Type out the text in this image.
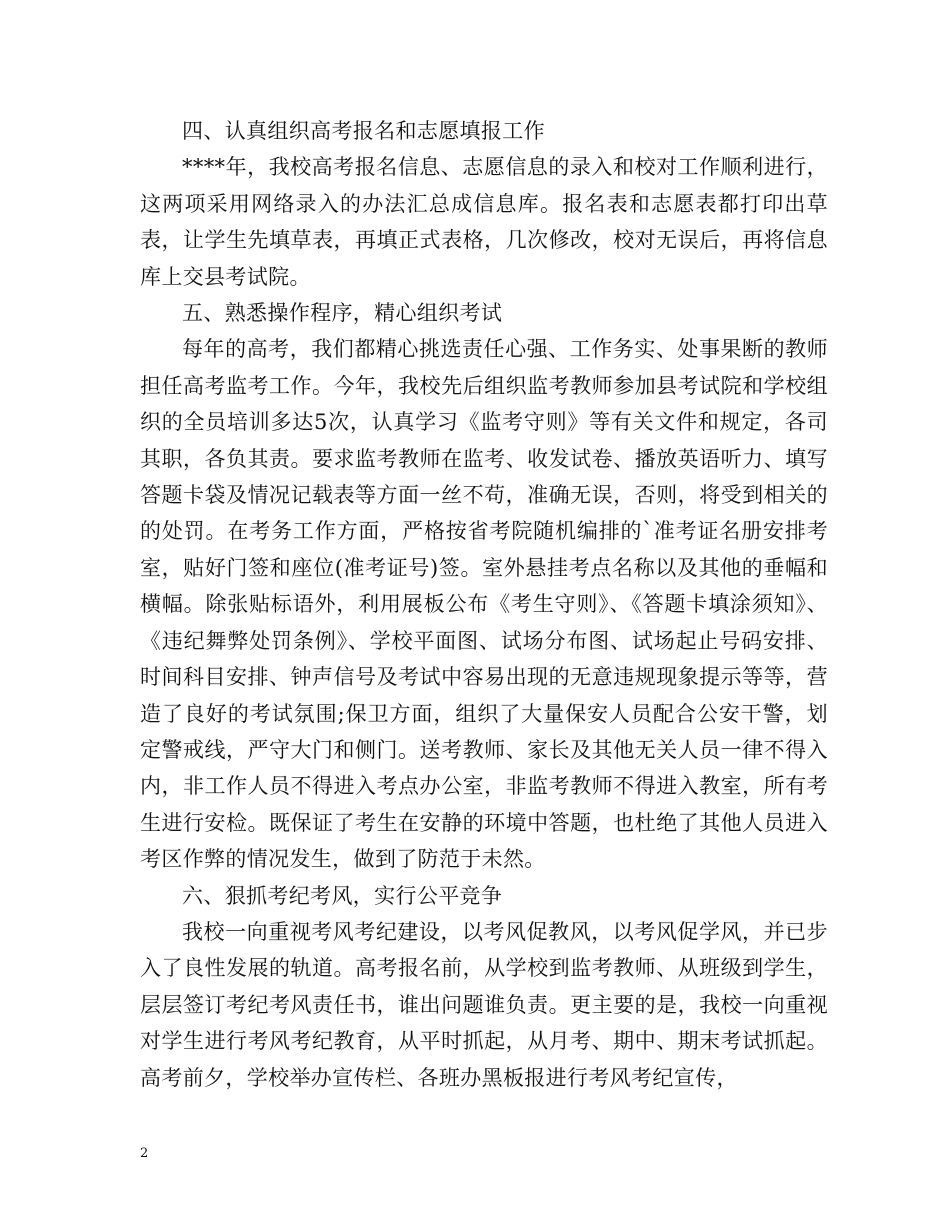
四、认真组织高考报名和志愿填报工作

****年，我校高考报名信息、志愿信息的录入和校对工作顺利进行，这两项采用网络录入的办法汇总成信息库。报名表和志愿表都打印出草表，让学生先填草表，再填正式表格，几次修改，校对无误后，再将信息库上交县考试院。

五、熟悉操作程序，精心组织考试

每年的高考，我们都精心挑选责任心强、工作务实、处事果断的教师担任高考监考工作。今年，我校先后组织监考教师参加县考试院和学校组织的全员培训多达5次，认真学习《监考守则》等有关文件和规定，各司其职，各负其责。要求监考教师在监考、收发试卷、播放英语听力、填写答题卡袋及情况记载表等方面一丝不苟，准确无误，否则，将受到相关的的处罚。在考务工作方面，严格按省考院随机编排的`准考证名册安排考室，贴好门签和座位(准考证号)签。室外悬挂考点名称以及其他的垂幅和横幅。除张贴标语外，利用展板公布《考生守则》、《答题卡填涂须知》、《违纪舞弊处罚条例》、学校平面图、试场分布图、试场起止号码安排、时间科目安排、钟声信号及考试中容易出现的无意违规现象提示等等，营造了良好的考试氛围;保卫方面，组织了大量保安人员配合公安干警，划定警戒线，严守大门和侧门。送考教师、家长及其他无关人员一律不得入内，非工作人员不得进入考点办公室，非监考教师不得进入教室，所有考生进行安检。既保证了考生在安静的环境中答题，也杜绝了其他人员进入考区作弊的情况发生，做到了防范于未然。

六、狠抓考纪考风，实行公平竞争

我校一向重视考风考纪建设，以考风促教风，以考风促学风，并已步入了良性发展的轨道。高考报名前，从学校到监考教师、从班级到学生，层层签订考纪考风责任书，谁出问题谁负责。更主要的是，我校一向重视对学生进行考风考纪教育，从平时抓起，从月考、期中、期末考试抓起。高考前夕，学校举办宣传栏、各班办黑板报进行考风考纪宣传，

2
